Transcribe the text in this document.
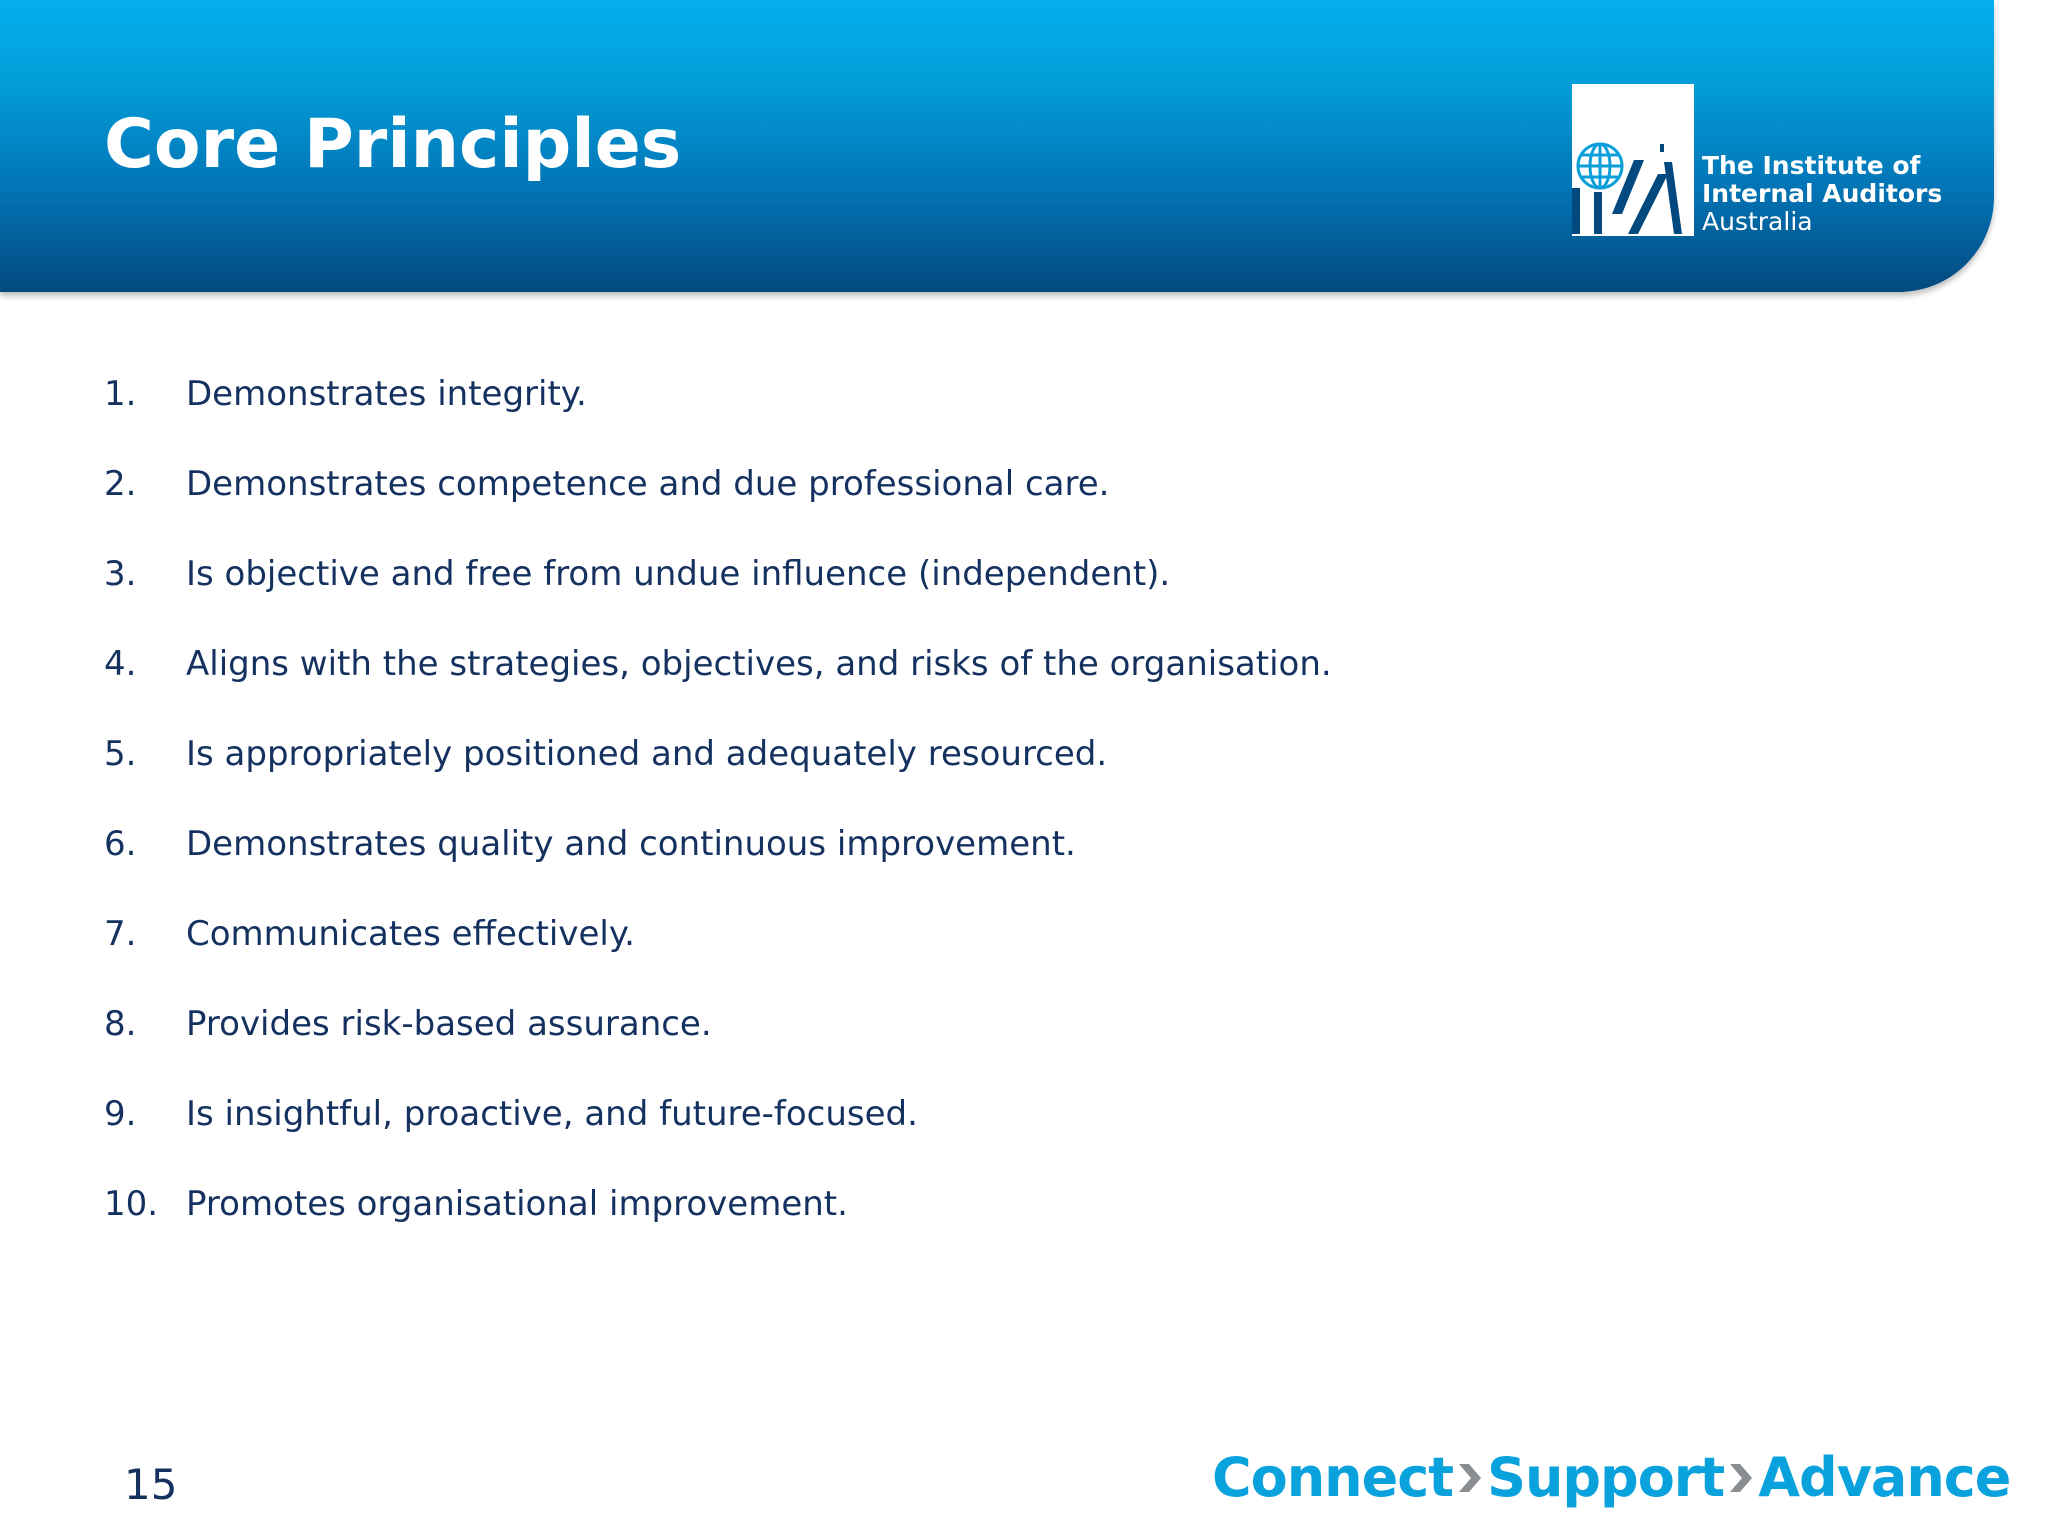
Core Principles	The Institute of
Internal Auditors
Australia
1.	Demonstrates integrity.
2.	Demonstrates competence and due professional care.
3.	Is objective and free from undue influence (independent).
4.	Aligns with the strategies, objectives, and risks of the organisation.
5.	Is appropriately positioned and adequately resourced.
6.	Demonstrates quality and continuous improvement.
7.	Communicates effectively.
8.	Provides risk-based assurance.
9.	Is insightful, proactive, and future-focused.
10. Promotes organisational improvement.
15	Connect Support Advance
